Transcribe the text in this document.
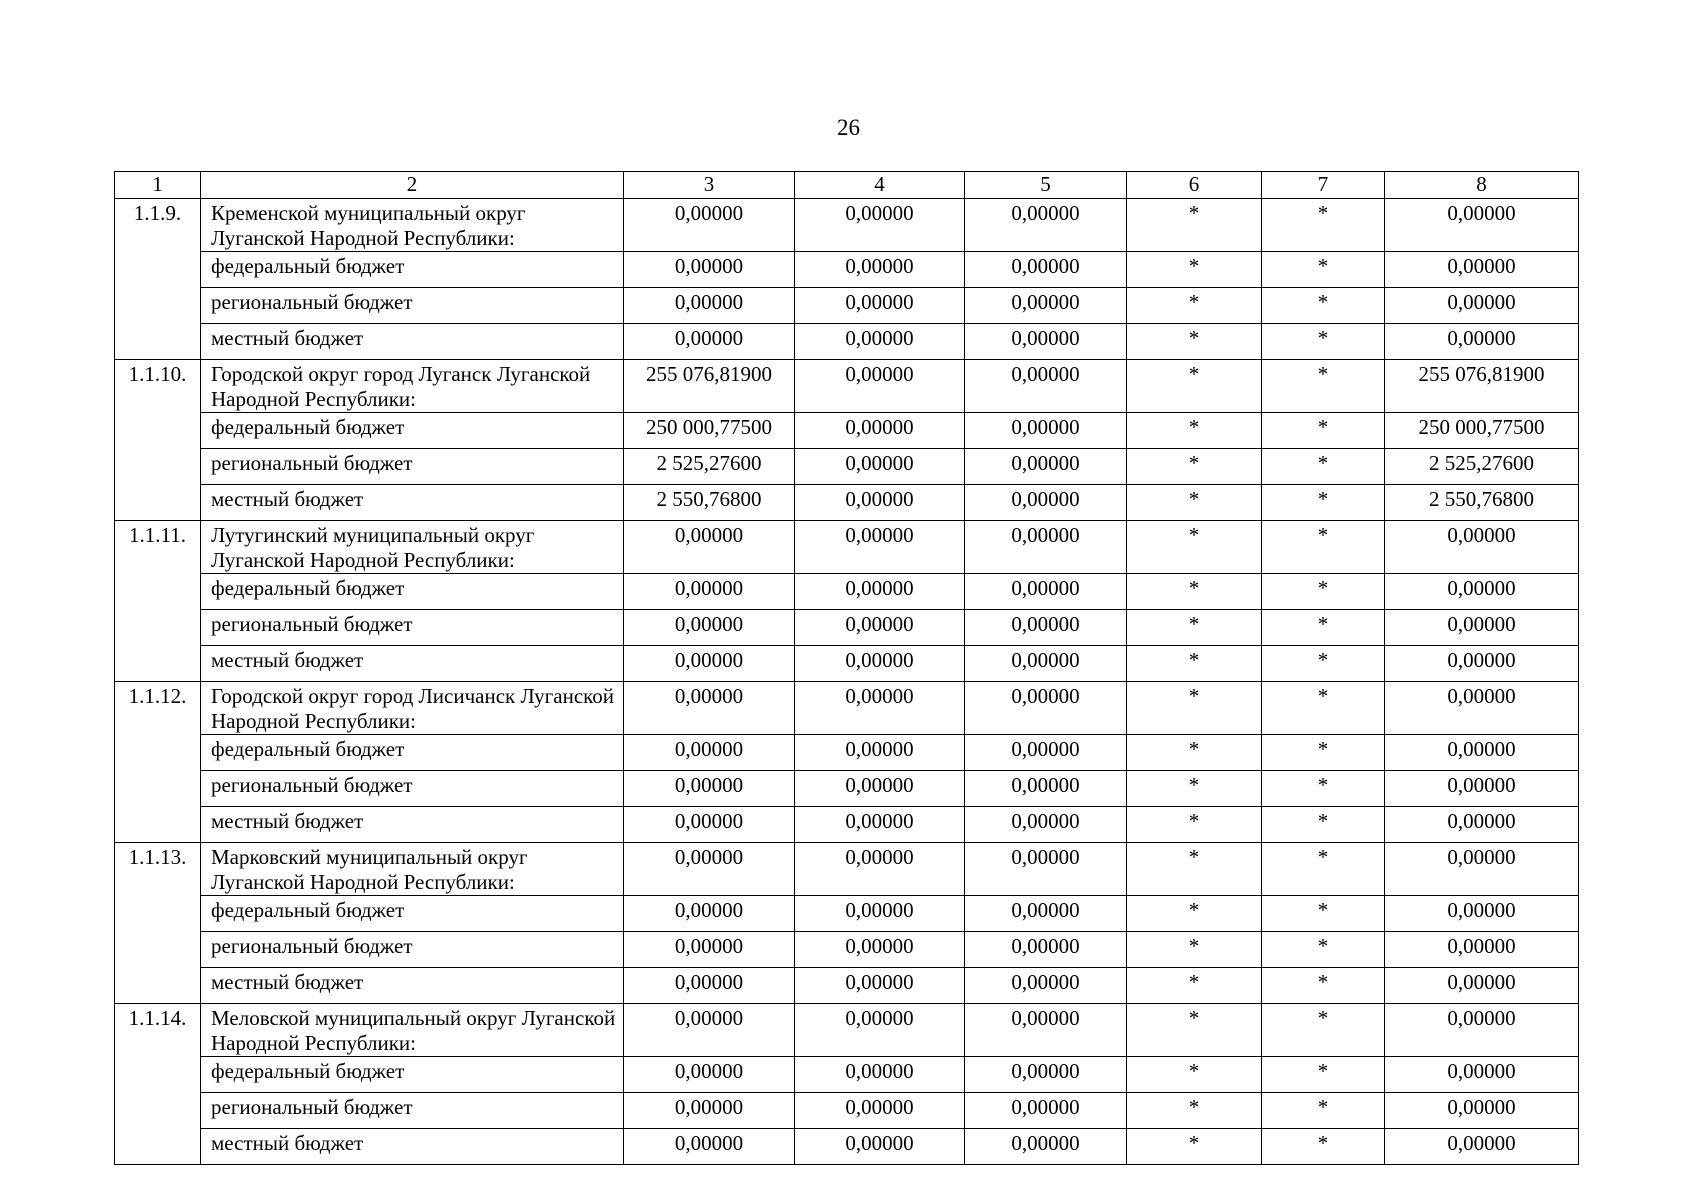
26
1	2	3	4	5	6	7	8
1.1.9.	Кременской муниципальный округ Луганской Народной Республики:	0,00000	0,00000	0,00000	*	*	0,00000
	федеральный бюджет	0,00000	0,00000	0,00000	*	*	0,00000
	региональный бюджет	0,00000	0,00000	0,00000	*	*	0,00000
	местный бюджет	0,00000	0,00000	0,00000	*	*	0,00000
1.1.10.	Городской округ город Луганск Луганской Народной Республики:	255 076,81900	0,00000	0,00000	*	*	255 076,81900
	федеральный бюджет	250 000,77500	0,00000	0,00000	*	*	250 000,77500
	региональный бюджет	2 525,27600	0,00000	0,00000	*	*	2 525,27600
	местный бюджет	2 550,76800	0,00000	0,00000	*	*	2 550,76800
1.1.11.	Лутугинский муниципальный округ Луганской Народной Республики:	0,00000	0,00000	0,00000	*	*	0,00000
	федеральный бюджет	0,00000	0,00000	0,00000	*	*	0,00000
	региональный бюджет	0,00000	0,00000	0,00000	*	*	0,00000
	местный бюджет	0,00000	0,00000	0,00000	*	*	0,00000
1.1.12.	Городской округ город Лисичанск Луганской Народной Республики:	0,00000	0,00000	0,00000	*	*	0,00000
	федеральный бюджет	0,00000	0,00000	0,00000	*	*	0,00000
	региональный бюджет	0,00000	0,00000	0,00000	*	*	0,00000
	местный бюджет	0,00000	0,00000	0,00000	*	*	0,00000
1.1.13.	Марковский муниципальный округ Луганской Народной Республики:	0,00000	0,00000	0,00000	*	*	0,00000
	федеральный бюджет	0,00000	0,00000	0,00000	*	*	0,00000
	региональный бюджет	0,00000	0,00000	0,00000	*	*	0,00000
	местный бюджет	0,00000	0,00000	0,00000	*	*	0,00000
1.1.14.	Меловской муниципальный округ Луганской Народной Республики:	0,00000	0,00000	0,00000	*	*	0,00000
	федеральный бюджет	0,00000	0,00000	0,00000	*	*	0,00000
	региональный бюджет	0,00000	0,00000	0,00000	*	*	0,00000
	местный бюджет	0,00000	0,00000	0,00000	*	*	0,00000
